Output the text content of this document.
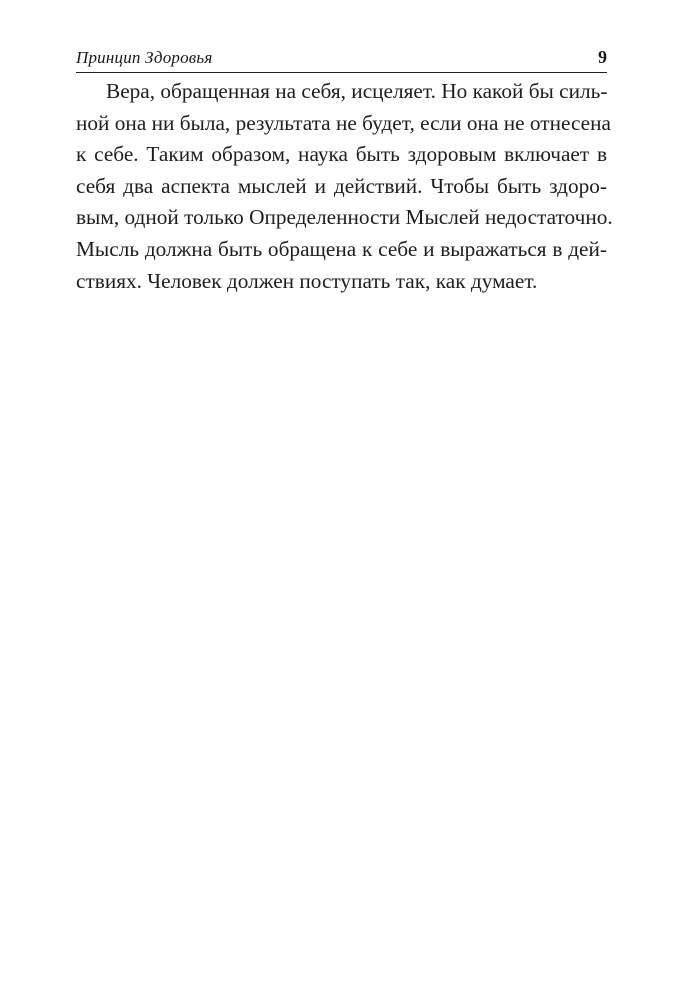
Принцип Здоровья	9
Вера, обращенная на себя, исцеляет. Но какой бы силь-
ной она ни была, результата не будет, если она не отнесена
к себе. Таким образом, наука быть здоровым включает в
себя два аспекта мыслей и действий. Чтобы быть здоро-
вым, одной только Определенности Мыслей недостаточно.
Мысль должна быть обращена к себе и выражаться в дей-
ствиях. Человек должен поступать так, как думает.
